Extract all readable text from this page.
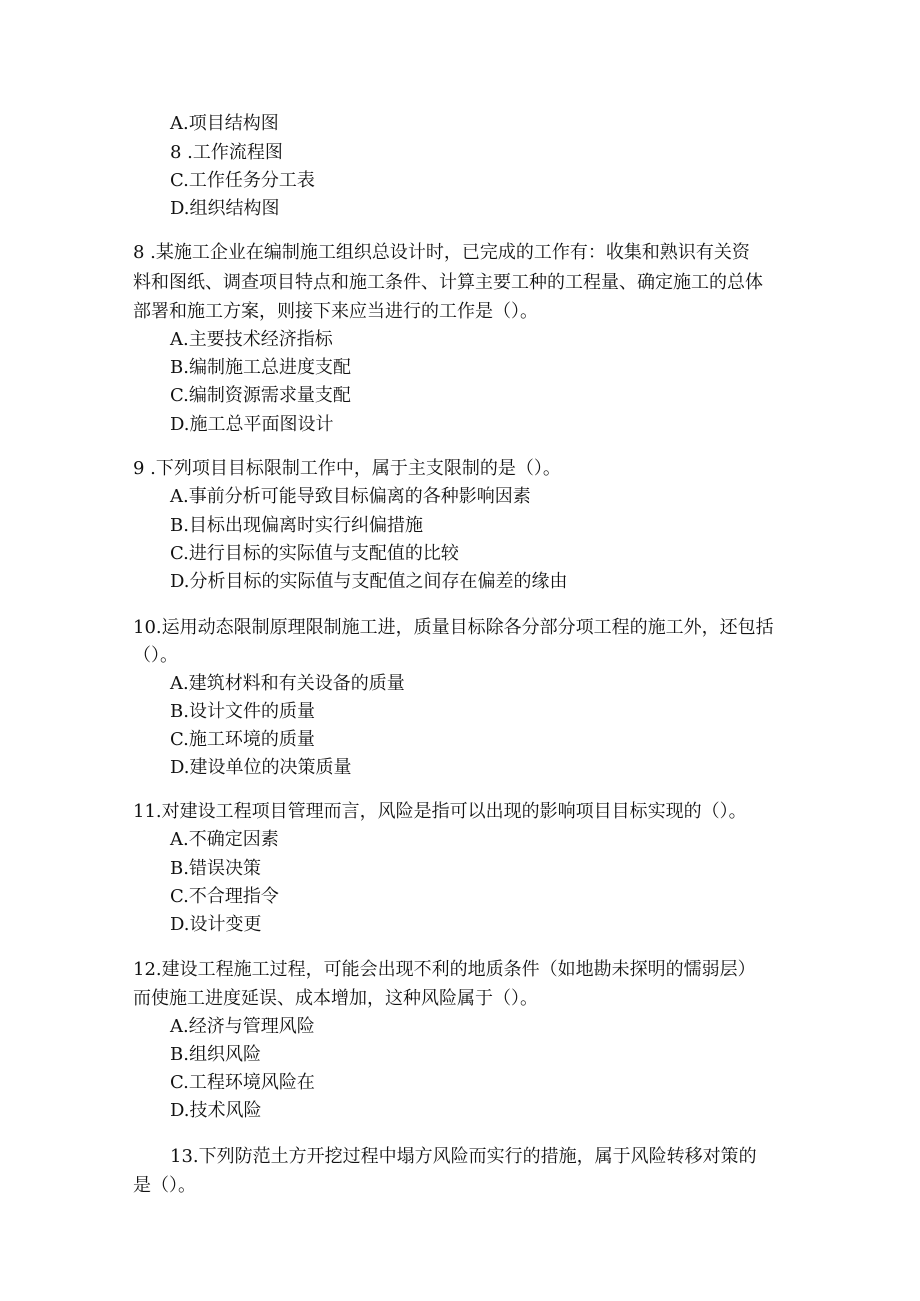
A.项目结构图
8 .工作流程图
C.工作任务分工表
D.组织结构图
8 .某施工企业在编制施工组织总设计时，已完成的工作有：收集和熟识有关资
料和图纸、调查项目特点和施工条件、计算主要工种的工程量、确定施工的总体
部署和施工方案，则接下来应当进行的工作是（）。
A.主要技术经济指标
B.编制施工总进度支配
C.编制资源需求量支配
D.施工总平面图设计
9 .下列项目目标限制工作中，属于主支限制的是（）。
A.事前分析可能导致目标偏离的各种影响因素
B.目标出现偏离时实行纠偏措施
C.进行目标的实际值与支配值的比较
D.分析目标的实际值与支配值之间存在偏差的缘由
10.运用动态限制原理限制施工进，质量目标除各分部分项工程的施工外，还包括
（）。
A.建筑材料和有关设备的质量
B.设计文件的质量
C.施工环境的质量
D.建设单位的决策质量
11.对建设工程项目管理而言，风险是指可以出现的影响项目目标实现的（）。
A.不确定因素
B.错误决策
C.不合理指令
D.设计变更
12.建设工程施工过程，可能会出现不利的地质条件（如地勘未探明的懦弱层）
而使施工进度延误、成本增加，这种风险属于（）。
A.经济与管理风险
B.组织风险
C.工程环境风险在
D.技术风险
13.下列防范土方开挖过程中塌方风险而实行的措施，属于风险转移对策的
是（）。
